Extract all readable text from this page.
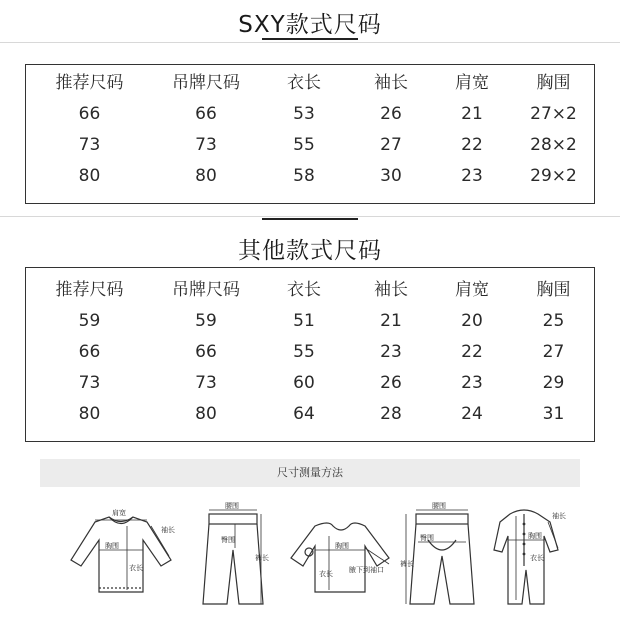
SXY款式尺码
推荐尺码	吊牌尺码	衣长	袖长	肩宽	胸围
66	66	53	26	21	27×2
73	73	55	27	22	28×2
80	80	58	30	23	29×2
其他款式尺码
推荐尺码	吊牌尺码	衣长	袖长	肩宽	胸围
59	59	51	21	20	25
66	66	55	23	22	27
73	73	60	26	23	29
80	80	64	28	24	31
尺寸测量方法
肩宽
胸围
袖长
衣长
腰围
裤长
臀围
胸围
衣长 腋下到袖口
腰围
臀围
裤长
胸围
衣长
袖长
